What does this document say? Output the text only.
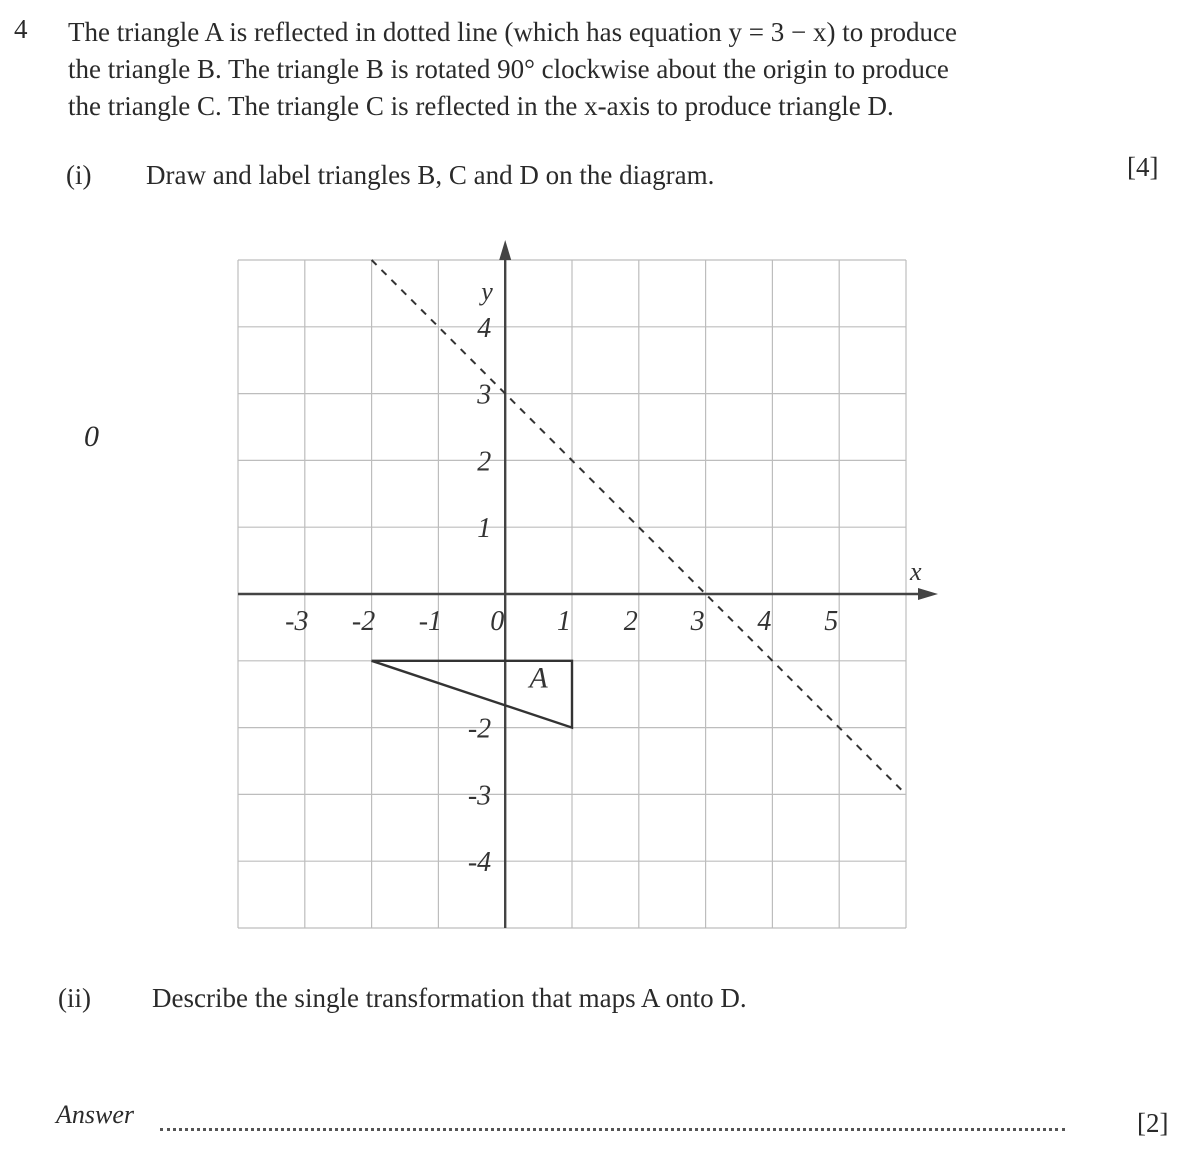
4 The triangle A is reflected in dotted line (which has equation y = 3 − x) to produce
the triangle B. The triangle B is rotated 90° clockwise about the origin to produce
the triangle C. The triangle C is reflected in the x-axis to produce triangle D.
(i) Draw and label triangles B, C and D on the diagram.	[4]
0
x
y
-3 -2 -1 0 1 2 3 4 5
4
3
2
1
-2
-3
-4
A
(ii) Describe the single transformation that maps A onto D.
Answer	[2]
